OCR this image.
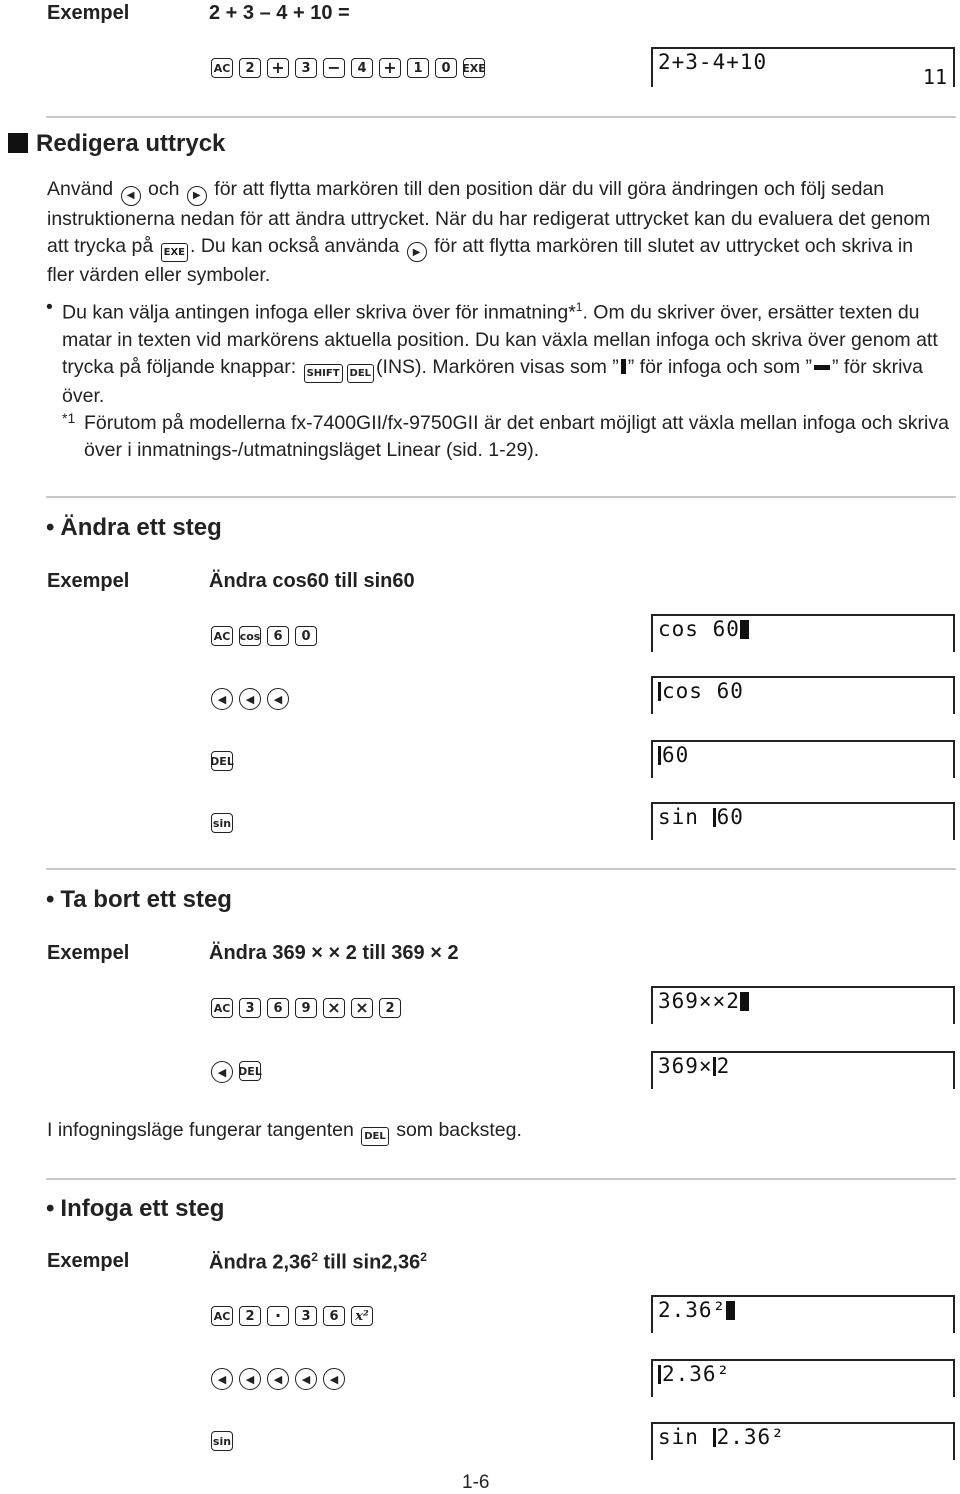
Exempel	2 + 3 – 4 + 10 =
AC	2	+	3	−	4	+	1	0	EXE	2+3-4+10
11
Redigera uttryck
Använd ◀ och ▶ för att flytta markören till den position där du vill göra ändringen och följ sedan instruktionerna nedan för att ändra uttrycket. När du har redigerat uttrycket kan du evaluera det genom att trycka på EXE . Du kan också använda ▶ för att flytta markören till slutet av uttrycket och skriva in fler värden eller symboler.
• Du kan välja antingen infoga eller skriva över för inmatning*$^1$. Om du skriver över, ersätter texten du matar in texten vid markörens aktuella position. Du kan växla mellan infoga och skriva över genom att trycka på följande knappar: SHIFT DEL (INS). Markören visas som ” ” för infoga och som ” ” för skriva över.
*1 Förutom på modellerna fx-7400GII/fx-9750GII är det enbart möjligt att växla mellan infoga och skriva över i inmatnings-/utmatningsläget Linear (sid. 1-29).
• Ändra ett steg
Exempel	Ändra cos60 till sin60
AC cos	6	0	cos 60
◀	◀	◀	cos 60
DEL	60
sin	sin 60
• Ta bort ett steg
Exempel	Ändra 369 × × 2 till 369 × 2
AC	3	6	9	× ×	2	369××2
◀	DEL	369× 2
I infogningsläge fungerar tangenten DEL som backsteg.
• Infoga ett steg
Exempel	Ändra 2,36$^2$ till sin2,36$^2$
AC	2	·	3	6	x²	2.36²
◀	◀	◀	◀	◀	2.36²
sin	sin 2.36²
1-6
